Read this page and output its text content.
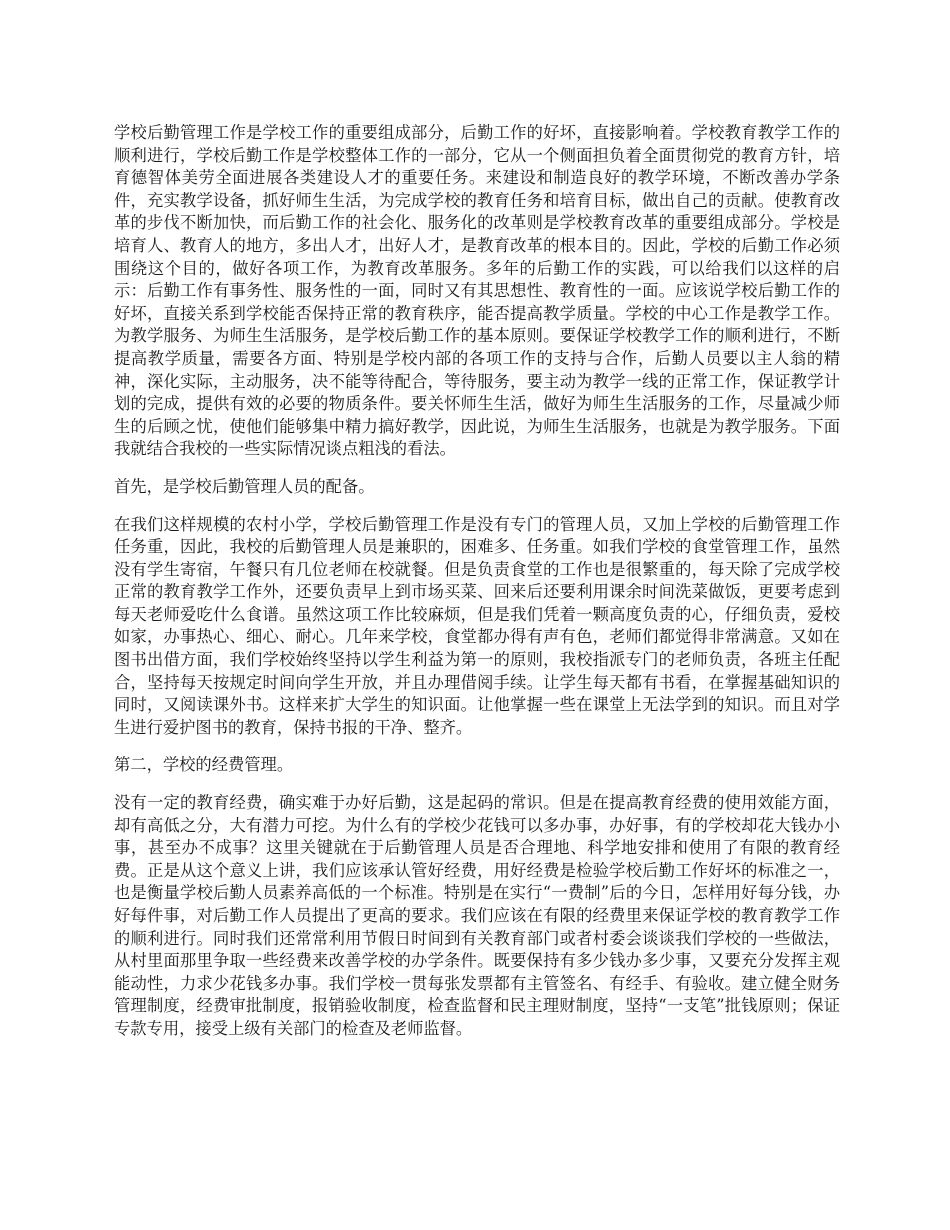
学校后勤管理工作是学校工作的重要组成部分，后勤工作的好坏，直接影响着。学校教育教学工作的顺利进行，学校后勤工作是学校整体工作的一部分，它从一个侧面担负着全面贯彻党的教育方针，培育德智体美劳全面进展各类建设人才的重要任务。来建设和制造良好的教学环境，不断改善办学条件，充实教学设备，抓好师生生活，为完成学校的教育任务和培育目标，做出自己的贡献。使教育改革的步伐不断加快，而后勤工作的社会化、服务化的改革则是学校教育改革的重要组成部分。学校是培育人、教育人的地方，多出人才，出好人才，是教育改革的根本目的。因此，学校的后勤工作必须围绕这个目的，做好各项工作，为教育改革服务。多年的后勤工作的实践，可以给我们以这样的启示：后勤工作有事务性、服务性的一面，同时又有其思想性、教育性的一面。应该说学校后勤工作的好坏，直接关系到学校能否保持正常的教育秩序，能否提高教学质量。学校的中心工作是教学工作。为教学服务、为师生生活服务，是学校后勤工作的基本原则。要保证学校教学工作的顺利进行，不断提高教学质量，需要各方面、特别是学校内部的各项工作的支持与合作，后勤人员要以主人翁的精神，深化实际，主动服务，决不能等待配合，等待服务，要主动为教学一线的正常工作，保证教学计划的完成，提供有效的必要的物质条件。要关怀师生生活，做好为师生生活服务的工作，尽量减少师生的后顾之忧，使他们能够集中精力搞好教学，因此说，为师生生活服务，也就是为教学服务。下面我就结合我校的一些实际情况谈点粗浅的看法。

首先，是学校后勤管理人员的配备。

在我们这样规模的农村小学，学校后勤管理工作是没有专门的管理人员，又加上学校的后勤管理工作任务重，因此，我校的后勤管理人员是兼职的，困难多、任务重。如我们学校的食堂管理工作，虽然没有学生寄宿，午餐只有几位老师在校就餐。但是负责食堂的工作也是很繁重的，每天除了完成学校正常的教育教学工作外，还要负责早上到市场买菜、回来后还要利用课余时间洗菜做饭，更要考虑到每天老师爱吃什么食谱。虽然这项工作比较麻烦，但是我们凭着一颗高度负责的心，仔细负责，爱校如家，办事热心、细心、耐心。几年来学校，食堂都办得有声有色，老师们都觉得非常满意。又如在图书出借方面，我们学校始终坚持以学生利益为第一的原则，我校指派专门的老师负责，各班主任配合，坚持每天按规定时间向学生开放，并且办理借阅手续。让学生每天都有书看，在掌握基础知识的同时，又阅读课外书。这样来扩大学生的知识面。让他掌握一些在课堂上无法学到的知识。而且对学生进行爱护图书的教育，保持书报的干净、整齐。

第二，学校的经费管理。

没有一定的教育经费，确实难于办好后勤，这是起码的常识。但是在提高教育经费的使用效能方面，却有高低之分，大有潜力可挖。为什么有的学校少花钱可以多办事，办好事，有的学校却花大钱办小事，甚至办不成事？这里关键就在于后勤管理人员是否合理地、科学地安排和使用了有限的教育经费。正是从这个意义上讲，我们应该承认管好经费，用好经费是检验学校后勤工作好坏的标准之一，也是衡量学校后勤人员素养高低的一个标准。特别是在实行“一费制”后的今日，怎样用好每分钱，办好每件事，对后勤工作人员提出了更高的要求。我们应该在有限的经费里来保证学校的教育教学工作的顺利进行。同时我们还常常利用节假日时间到有关教育部门或者村委会谈谈我们学校的一些做法，从村里面那里争取一些经费来改善学校的办学条件。既要保持有多少钱办多少事，又要充分发挥主观能动性，力求少花钱多办事。我们学校一贯每张发票都有主管签名、有经手、有验收。建立健全财务管理制度，经费审批制度，报销验收制度，检查监督和民主理财制度，坚持“一支笔”批钱原则；保证专款专用，接受上级有关部门的检查及老师监督。
